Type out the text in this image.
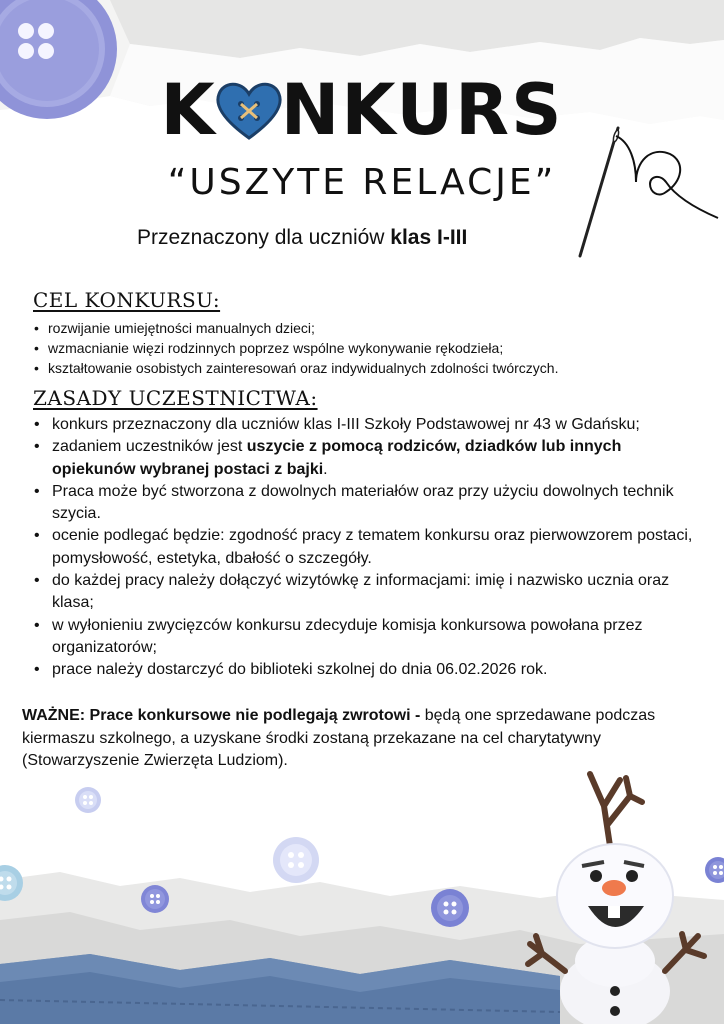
K NKURS
“USZYTE RELACJE”
Przeznaczony dla uczniów klas I-III
CEL KONKURSU:
• rozwijanie umiejętności manualnych dzieci;
• wzmacnianie więzi rodzinnych poprzez wspólne wykonywanie rękodzieła;
• kształtowanie osobistych zainteresowań oraz indywidualnych zdolności twórczych.
ZASADY UCZESTNICTWA:
• konkurs przeznaczony dla uczniów klas I-III Szkoły Podstawowej nr 43 w Gdańsku;
• zadaniem uczestników jest uszycie z pomocą rodziców, dziadków lub innych opiekunów wybranej postaci z bajki.
• Praca może być stworzona z dowolnych materiałów oraz przy użyciu dowolnych technik szycia.
• ocenie podlegać będzie: zgodność pracy z tematem konkursu oraz pierwowzorem postaci, pomysłowość, estetyka, dbałość o szczegóły.
• do każdej pracy należy dołączyć wizytówkę z informacjami: imię i nazwisko ucznia oraz klasa;
• w wyłonieniu zwycięzców konkursu zdecyduje komisja konkursowa powołana przez organizatorów;
• prace należy dostarczyć do biblioteki szkolnej do dnia 06.02.2026 rok.
WAŻNE: Prace konkursowe nie podlegają zwrotowi - będą one sprzedawane podczas kiermaszu szkolnego, a uzyskane środki zostaną przekazane na cel charytatywny (Stowarzyszenie Zwierzęta Ludziom).
